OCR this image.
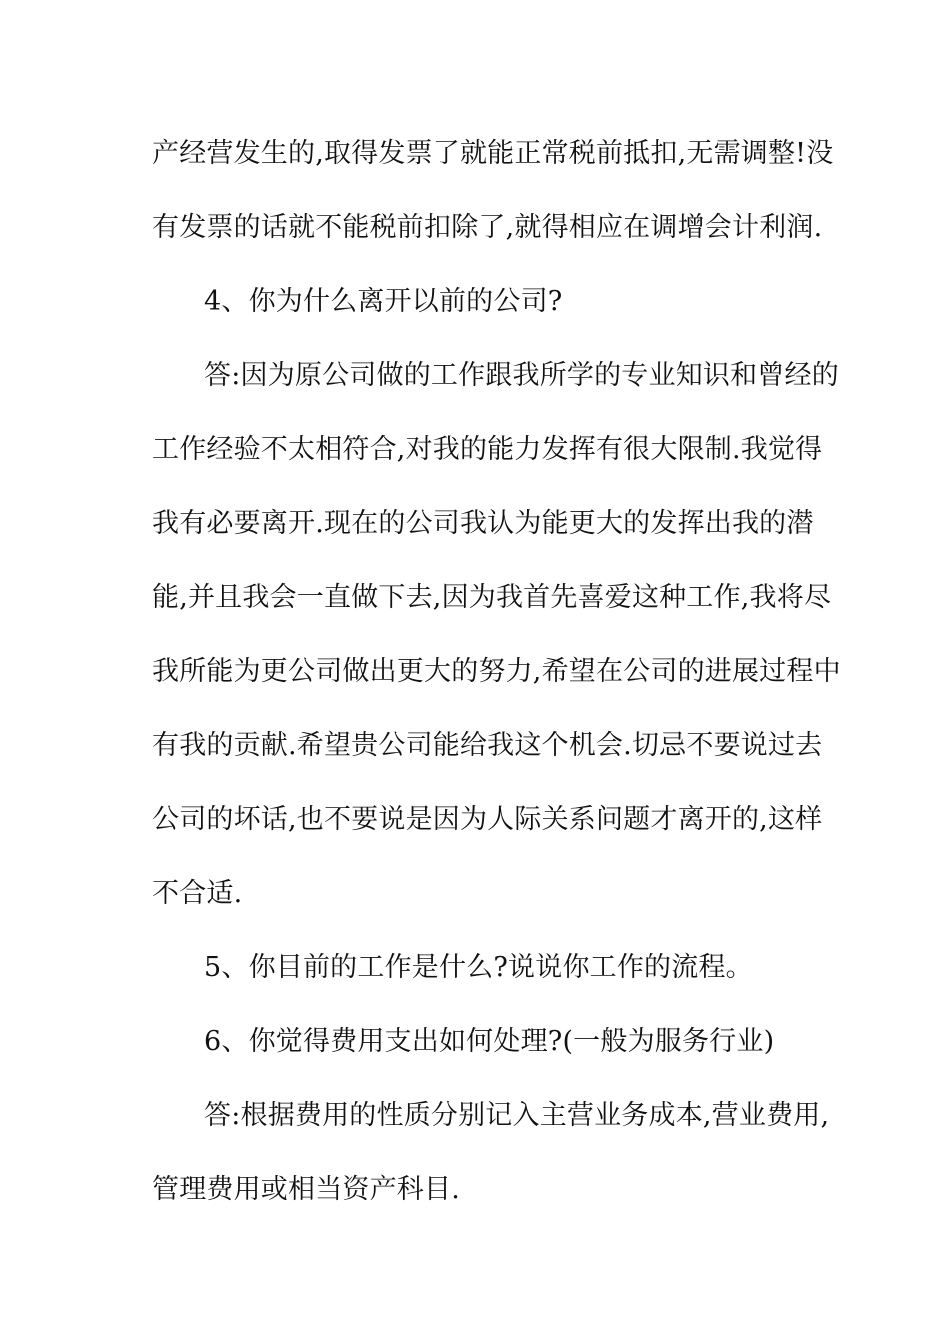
产经营发生的,取得发票了就能正常税前抵扣,无需调整!没
有发票的话就不能税前扣除了,就得相应在调增会计利润.
4、你为什么离开以前的公司?
答:因为原公司做的工作跟我所学的专业知识和曾经的
工作经验不太相符合,对我的能力发挥有很大限制.我觉得
我有必要离开.现在的公司我认为能更大的发挥出我的潜
能,并且我会一直做下去,因为我首先喜爱这种工作,我将尽
我所能为更公司做出更大的努力,希望在公司的进展过程中
有我的贡献.希望贵公司能给我这个机会.切忌不要说过去
公司的坏话,也不要说是因为人际关系问题才离开的,这样
不合适.
5、你目前的工作是什么?说说你工作的流程。
6、你觉得费用支出如何处理?(一般为服务行业)
答:根据费用的性质分别记入主营业务成本,营业费用,
管理费用或相当资产科目.
